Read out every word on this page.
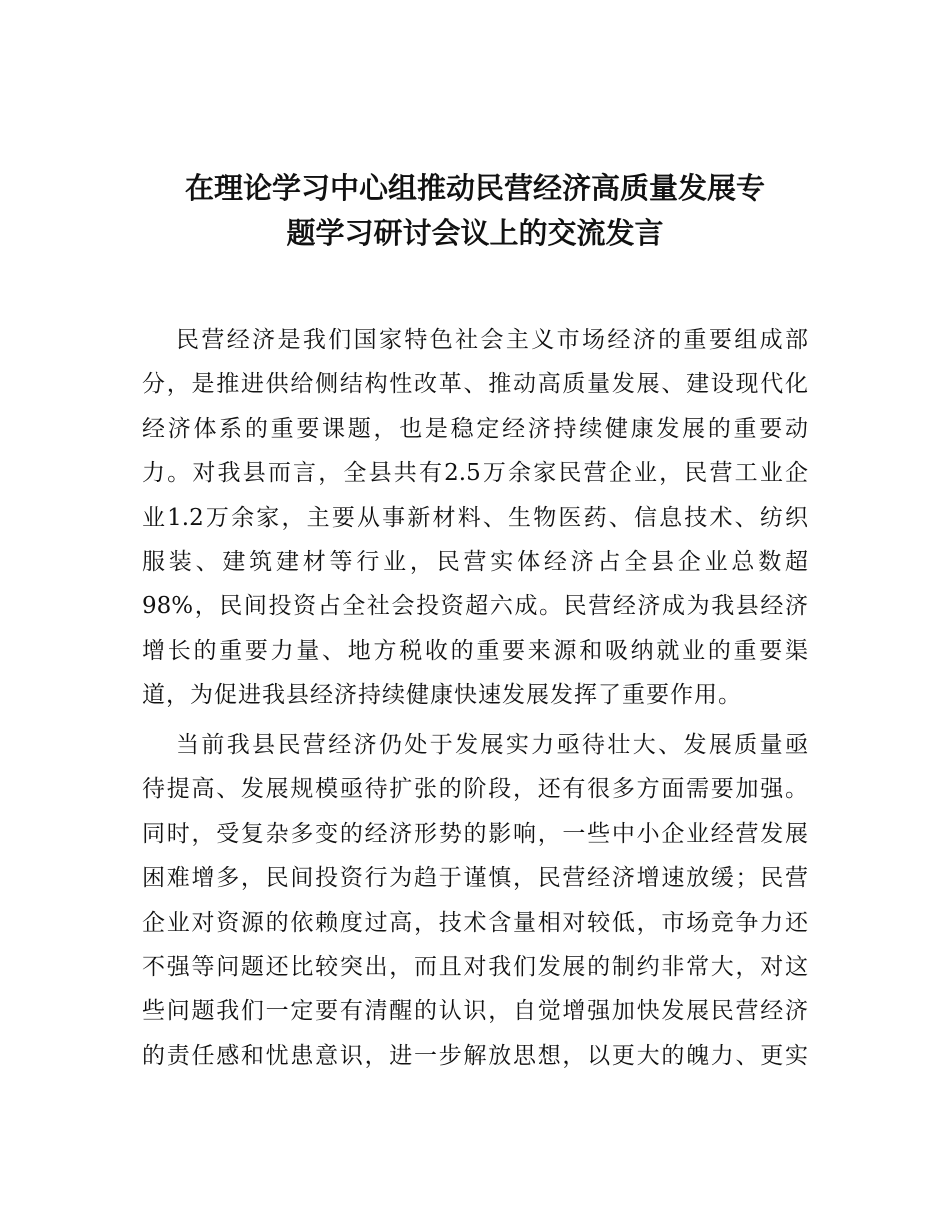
在理论学习中心组推动民营经济高质量发展专
题学习研讨会议上的交流发言
民营经济是我们国家特色社会主义市场经济的重要组成部
分，是推进供给侧结构性改革、推动高质量发展、建设现代化
经济体系的重要课题，也是稳定经济持续健康发展的重要动
力。对我县而言，全县共有2.5万余家民营企业，民营工业企
业1.2万余家，主要从事新材料、生物医药、信息技术、纺织
服装、建筑建材等行业，民营实体经济占全县企业总数超
98%，民间投资占全社会投资超六成。民营经济成为我县经济
增长的重要力量、地方税收的重要来源和吸纳就业的重要渠
道，为促进我县经济持续健康快速发展发挥了重要作用。
当前我县民营经济仍处于发展实力亟待壮大、发展质量亟
待提高、发展规模亟待扩张的阶段，还有很多方面需要加强。
同时，受复杂多变的经济形势的影响，一些中小企业经营发展
困难增多，民间投资行为趋于谨慎，民营经济增速放缓；民营
企业对资源的依赖度过高，技术含量相对较低，市场竞争力还
不强等问题还比较突出，而且对我们发展的制约非常大，对这
些问题我们一定要有清醒的认识，自觉增强加快发展民营经济
的责任感和忧患意识，进一步解放思想，以更大的魄力、更实
